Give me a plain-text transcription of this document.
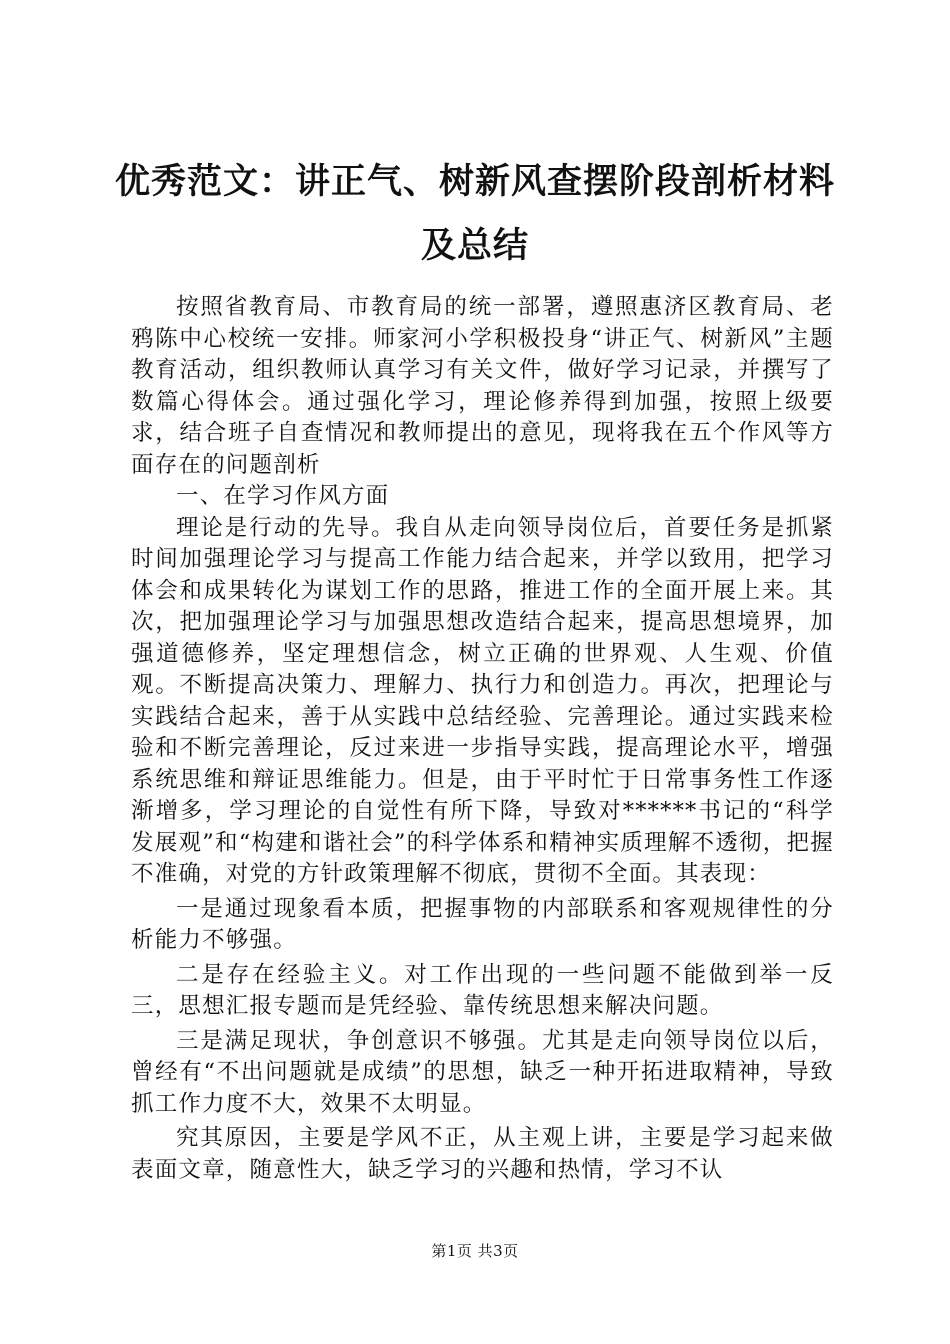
优秀范文：讲正气、树新风查摆阶段剖析材料
及总结

按照省教育局、市教育局的统一部署，遵照惠济区教育局、老鸦陈中心校统一安排。师家河小学积极投身“讲正气、树新风”主题教育活动，组织教师认真学习有关文件，做好学习记录，并撰写了数篇心得体会。通过强化学习，理论修养得到加强，按照上级要求，结合班子自查情况和教师提出的意见，现将我在五个作风等方面存在的问题剖析

一、在学习作风方面

理论是行动的先导。我自从走向领导岗位后，首要任务是抓紧时间加强理论学习与提高工作能力结合起来，并学以致用，把学习体会和成果转化为谋划工作的思路，推进工作的全面开展上来。其次，把加强理论学习与加强思想改造结合起来，提高思想境界，加强道德修养，坚定理想信念，树立正确的世界观、人生观、价值观。不断提高决策力、理解力、执行力和创造力。再次，把理论与实践结合起来，善于从实践中总结经验、完善理论。通过实践来检验和不断完善理论，反过来进一步指导实践，提高理论水平，增强系统思维和辩证思维能力。但是，由于平时忙于日常事务性工作逐渐增多，学习理论的自觉性有所下降，导致对******书记的“科学发展观”和“构建和谐社会”的科学体系和精神实质理解不透彻，把握不准确，对党的方针政策理解不彻底，贯彻不全面。其表现：

一是通过现象看本质，把握事物的内部联系和客观规律性的分析能力不够强。

二是存在经验主义。对工作出现的一些问题不能做到举一反三，思想汇报专题而是凭经验、靠传统思想来解决问题。

三是满足现状，争创意识不够强。尤其是走向领导岗位以后，曾经有“不出问题就是成绩”的思想，缺乏一种开拓进取精神，导致抓工作力度不大，效果不太明显。

究其原因，主要是学风不正，从主观上讲，主要是学习起来做表面文章，随意性大，缺乏学习的兴趣和热情，学习不认

第1页 共3页
